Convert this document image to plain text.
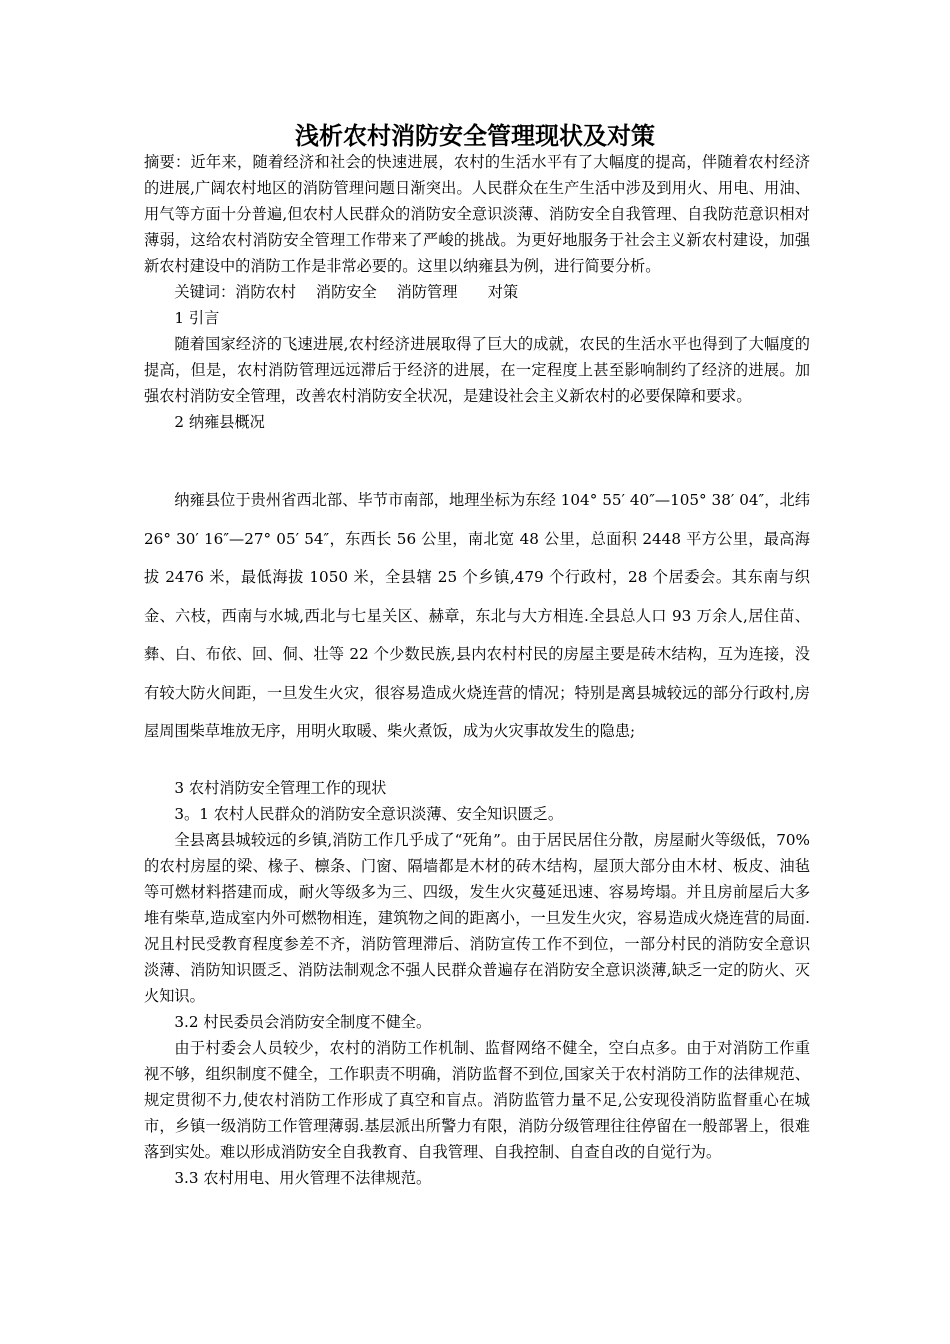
浅析农村消防安全管理现状及对策

摘要：近年来，随着经济和社会的快速进展，农村的生活水平有了大幅度的提高，伴随着农村经济的进展,广阔农村地区的消防管理问题日渐突出。人民群众在生产生活中涉及到用火、用电、用油、用气等方面十分普遍,但农村人民群众的消防安全意识淡薄、消防安全自我管理、自我防范意识相对薄弱，这给农村消防安全管理工作带来了严峻的挑战。为更好地服务于社会主义新农村建设，加强新农村建设中的消防工作是非常必要的。这里以纳雍县为例，进行简要分析。

关键词：消防农村　 消防安全　 消防管理　　对策

1 引言

随着国家经济的飞速进展,农村经济进展取得了巨大的成就，农民的生活水平也得到了大幅度的提高，但是，农村消防管理远远滞后于经济的进展，在一定程度上甚至影响制约了经济的进展。加强农村消防安全管理，改善农村消防安全状况，是建设社会主义新农村的必要保障和要求。

2 纳雍县概况

纳雍县位于贵州省西北部、毕节市南部，地理坐标为东经 104° 55′ 40″—105° 38′ 04″，北纬 26° 30′ 16″—27° 05′ 54″，东西长 56 公里，南北宽 48 公里，总面积 2448 平方公里，最高海拔 2476 米，最低海拔 1050 米，全县辖 25 个乡镇,479 个行政村，28 个居委会。其东南与织金、六枝，西南与水城,西北与七星关区、赫章，东北与大方相连.全县总人口 93 万余人,居住苗、彝、白、布依、回、侗、壮等 22 个少数民族,县内农村村民的房屋主要是砖木结构，互为连接，没有较大防火间距，一旦发生火灾，很容易造成火烧连营的情况；特别是离县城较远的部分行政村,房屋周围柴草堆放无序，用明火取暖、柴火煮饭，成为火灾事故发生的隐患;

3 农村消防安全管理工作的现状

3。1 农村人民群众的消防安全意识淡薄、安全知识匮乏。

全县离县城较远的乡镇,消防工作几乎成了“死角”。由于居民居住分散，房屋耐火等级低，70%的农村房屋的梁、椽子、檩条、门窗、隔墙都是木材的砖木结构，屋顶大部分由木材、板皮、油毡等可燃材料搭建而成，耐火等级多为三、四级，发生火灾蔓延迅速、容易垮塌。并且房前屋后大多堆有柴草,造成室内外可燃物相连，建筑物之间的距离小，一旦发生火灾，容易造成火烧连营的局面.况且村民受教育程度参差不齐，消防管理滞后、消防宣传工作不到位，一部分村民的消防安全意识淡薄、消防知识匮乏、消防法制观念不强人民群众普遍存在消防安全意识淡薄,缺乏一定的防火、灭火知识。

3.2 村民委员会消防安全制度不健全。

由于村委会人员较少，农村的消防工作机制、监督网络不健全，空白点多。由于对消防工作重视不够，组织制度不健全，工作职责不明确，消防监督不到位,国家关于农村消防工作的法律规范、规定贯彻不力,使农村消防工作形成了真空和盲点。消防监管力量不足,公安现役消防监督重心在城市，乡镇一级消防工作管理薄弱.基层派出所警力有限，消防分级管理往往停留在一般部署上，很难落到实处。难以形成消防安全自我教育、自我管理、自我控制、自查自改的自觉行为。

3.3 农村用电、用火管理不法律规范。
